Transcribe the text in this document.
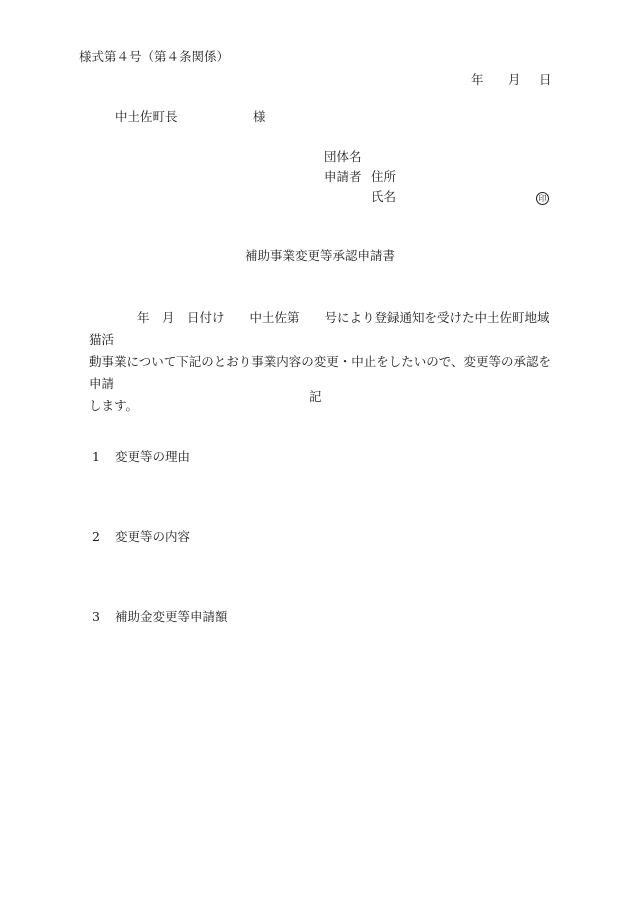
様式第４号（第４条関係）
年 月 日
中土佐町長	様
団体名
申請者 住所
氏名	印
補助事業変更等承認申請書
年　月　日付け　　中土佐第　　号により登録通知を受けた中土佐町地域猫活
動事業について下記のとおり事業内容の変更・中止をしたいので、変更等の承認を申請
します。
記
1 変更等の理由
2 変更等の内容
3 補助金変更等申請額
